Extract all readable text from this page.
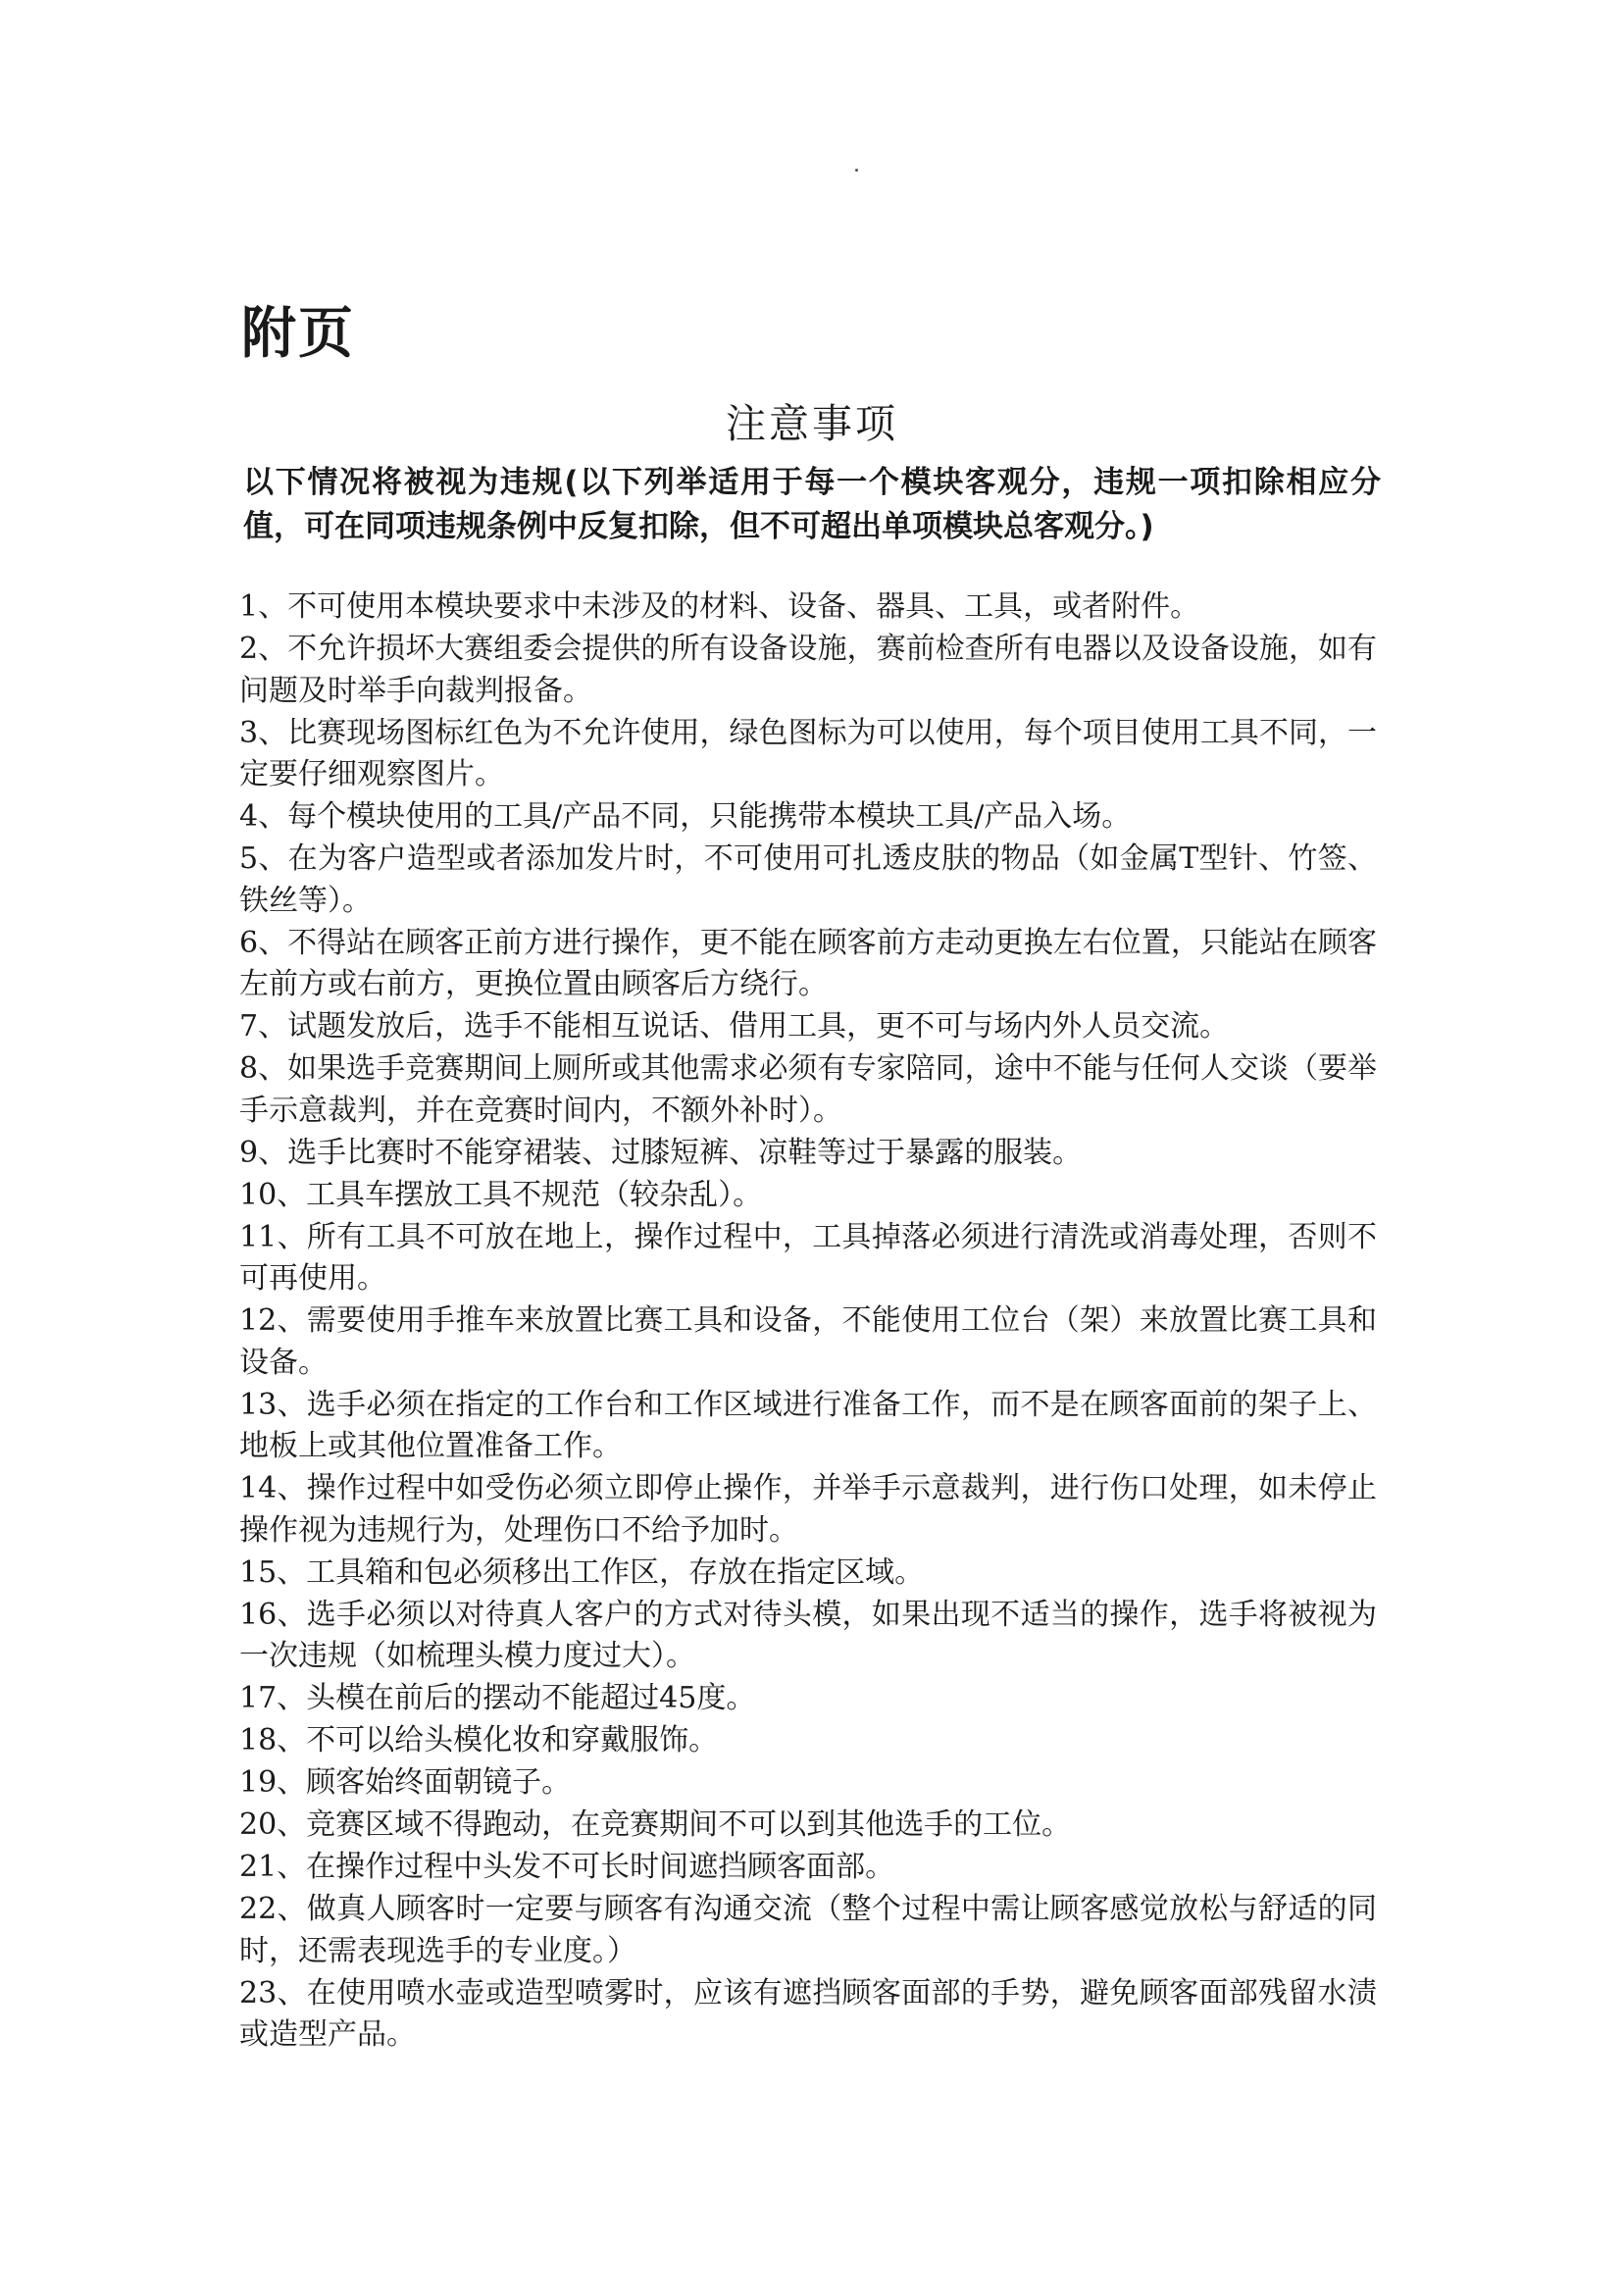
附页
注意事项

以下情况将被视为违规(以下列举适用于每一个模块客观分，违规一项扣除相应分值，可在同项违规条例中反复扣除，但不可超出单项模块总客观分。)

1、不可使用本模块要求中未涉及的材料、设备、器具、工具，或者附件。
2、不允许损坏大赛组委会提供的所有设备设施，赛前检查所有电器以及设备设施，如有问题及时举手向裁判报备。
3、比赛现场图标红色为不允许使用，绿色图标为可以使用，每个项目使用工具不同，一定要仔细观察图片。
4、每个模块使用的工具/产品不同，只能携带本模块工具/产品入场。
5、在为客户造型或者添加发片时，不可使用可扎透皮肤的物品（如金属T型针、竹签、铁丝等）。
6、不得站在顾客正前方进行操作，更不能在顾客前方走动更换左右位置，只能站在顾客左前方或右前方，更换位置由顾客后方绕行。
7、试题发放后，选手不能相互说话、借用工具，更不可与场内外人员交流。
8、如果选手竞赛期间上厕所或其他需求必须有专家陪同，途中不能与任何人交谈（要举手示意裁判，并在竞赛时间内，不额外补时）。
9、选手比赛时不能穿裙装、过膝短裤、凉鞋等过于暴露的服装。
10、工具车摆放工具不规范（较杂乱）。
11、所有工具不可放在地上，操作过程中，工具掉落必须进行清洗或消毒处理，否则不可再使用。
12、需要使用手推车来放置比赛工具和设备，不能使用工位台（架）来放置比赛工具和设备。
13、选手必须在指定的工作台和工作区域进行准备工作，而不是在顾客面前的架子上、地板上或其他位置准备工作。
14、操作过程中如受伤必须立即停止操作，并举手示意裁判，进行伤口处理，如未停止操作视为违规行为，处理伤口不给予加时。
15、工具箱和包必须移出工作区，存放在指定区域。
16、选手必须以对待真人客户的方式对待头模，如果出现不适当的操作，选手将被视为一次违规（如梳理头模力度过大）。
17、头模在前后的摆动不能超过45度。
18、不可以给头模化妆和穿戴服饰。
19、顾客始终面朝镜子。
20、竞赛区域不得跑动，在竞赛期间不可以到其他选手的工位。
21、在操作过程中头发不可长时间遮挡顾客面部。
22、做真人顾客时一定要与顾客有沟通交流（整个过程中需让顾客感觉放松与舒适的同时，还需表现选手的专业度。）
23、在使用喷水壶或造型喷雾时，应该有遮挡顾客面部的手势，避免顾客面部残留水渍或造型产品。
